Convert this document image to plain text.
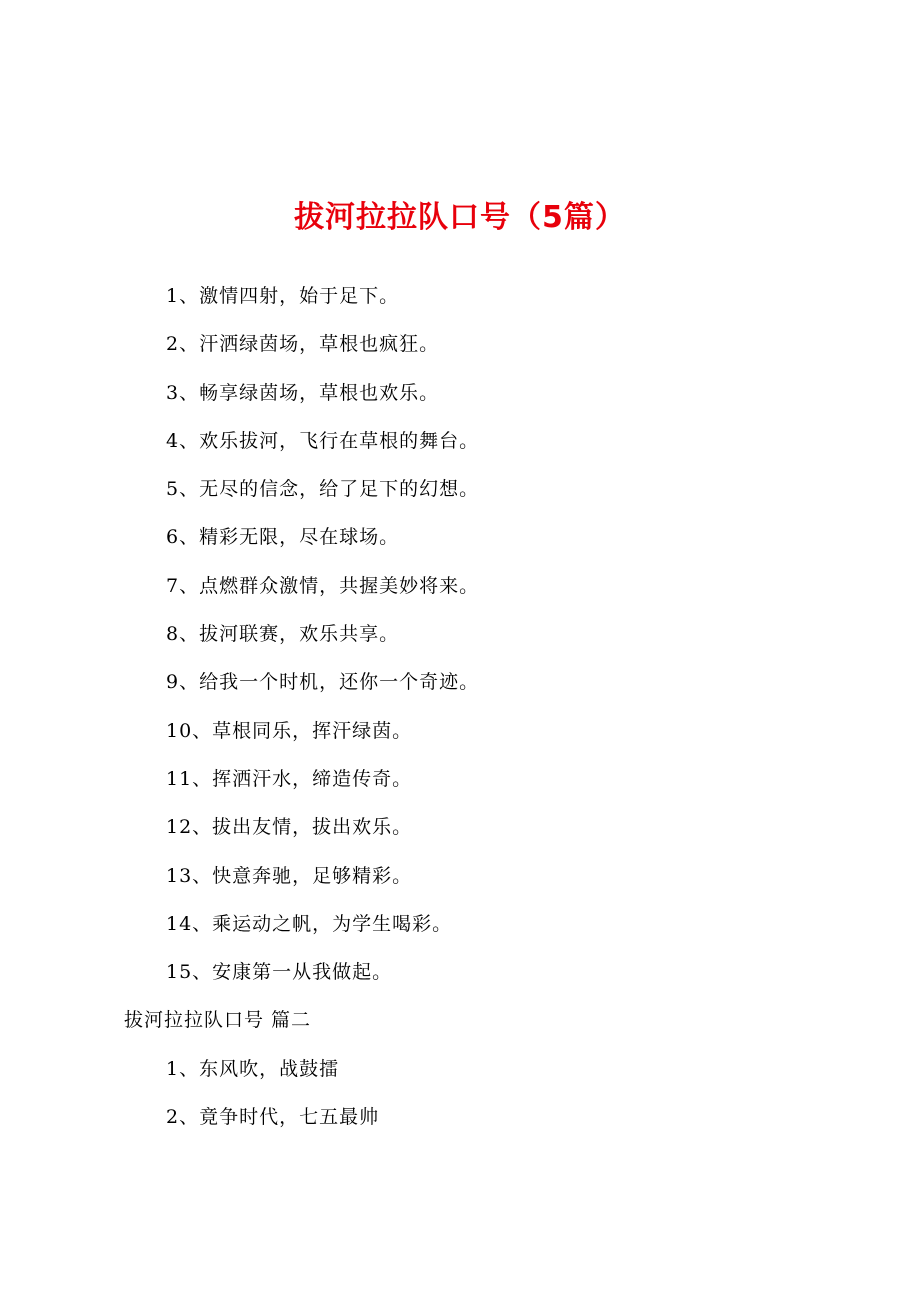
拔河拉拉队口号（5篇）
1、激情四射，始于足下。
2、汗洒绿茵场，草根也疯狂。
3、畅享绿茵场，草根也欢乐。
4、欢乐拔河，飞行在草根的舞台。
5、无尽的信念，给了足下的幻想。
6、精彩无限，尽在球场。
7、点燃群众激情，共握美妙将来。
8、拔河联赛，欢乐共享。
9、给我一个时机，还你一个奇迹。
10、草根同乐，挥汗绿茵。
11、挥洒汗水，缔造传奇。
12、拔出友情，拔出欢乐。
13、快意奔驰，足够精彩。
14、乘运动之帆，为学生喝彩。
15、安康第一从我做起。
拔河拉拉队口号 篇二
1、东风吹，战鼓擂
2、竟争时代，七五最帅
